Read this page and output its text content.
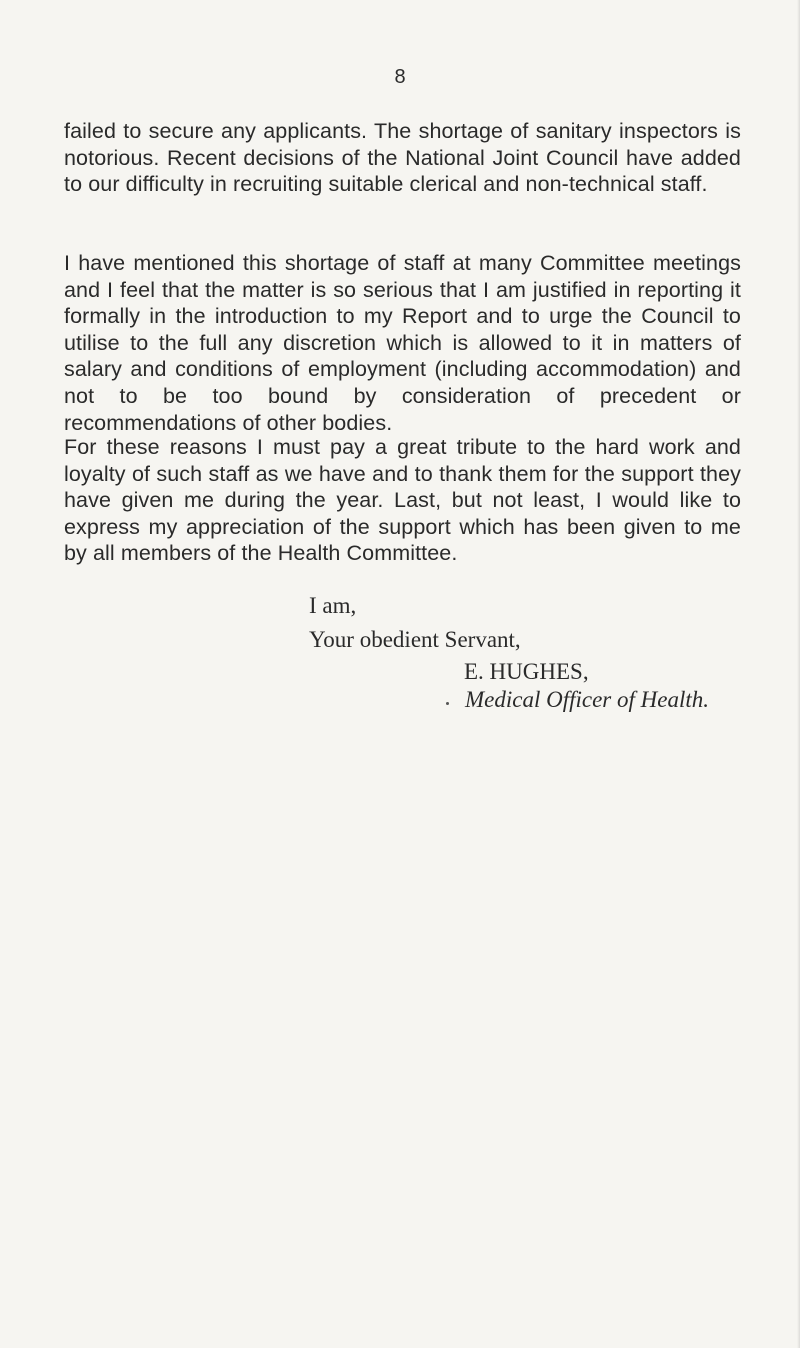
8

failed to secure any applicants. The shortage of sanitary inspectors is notorious. Recent decisions of the National Joint Council have added to our difficulty in recruiting suitable clerical and non-technical staff.

I have mentioned this shortage of staff at many Committee meetings and I feel that the matter is so serious that I am justified in reporting it formally in the introduction to my Report and to urge the Council to utilise to the full any discretion which is allowed to it in matters of salary and conditions of employment (including accommodation) and not to be too bound by consideration of precedent or recommendations of other bodies.

For these reasons I must pay a great tribute to the hard work and loyalty of such staff as we have and to thank them for the support they have given me during the year. Last, but not least, I would like to express my appreciation of the support which has been given to me by all members of the Health Committee.

I am,
Your obedient Servant,
E. HUGHES,
Medical Officer of Health.
